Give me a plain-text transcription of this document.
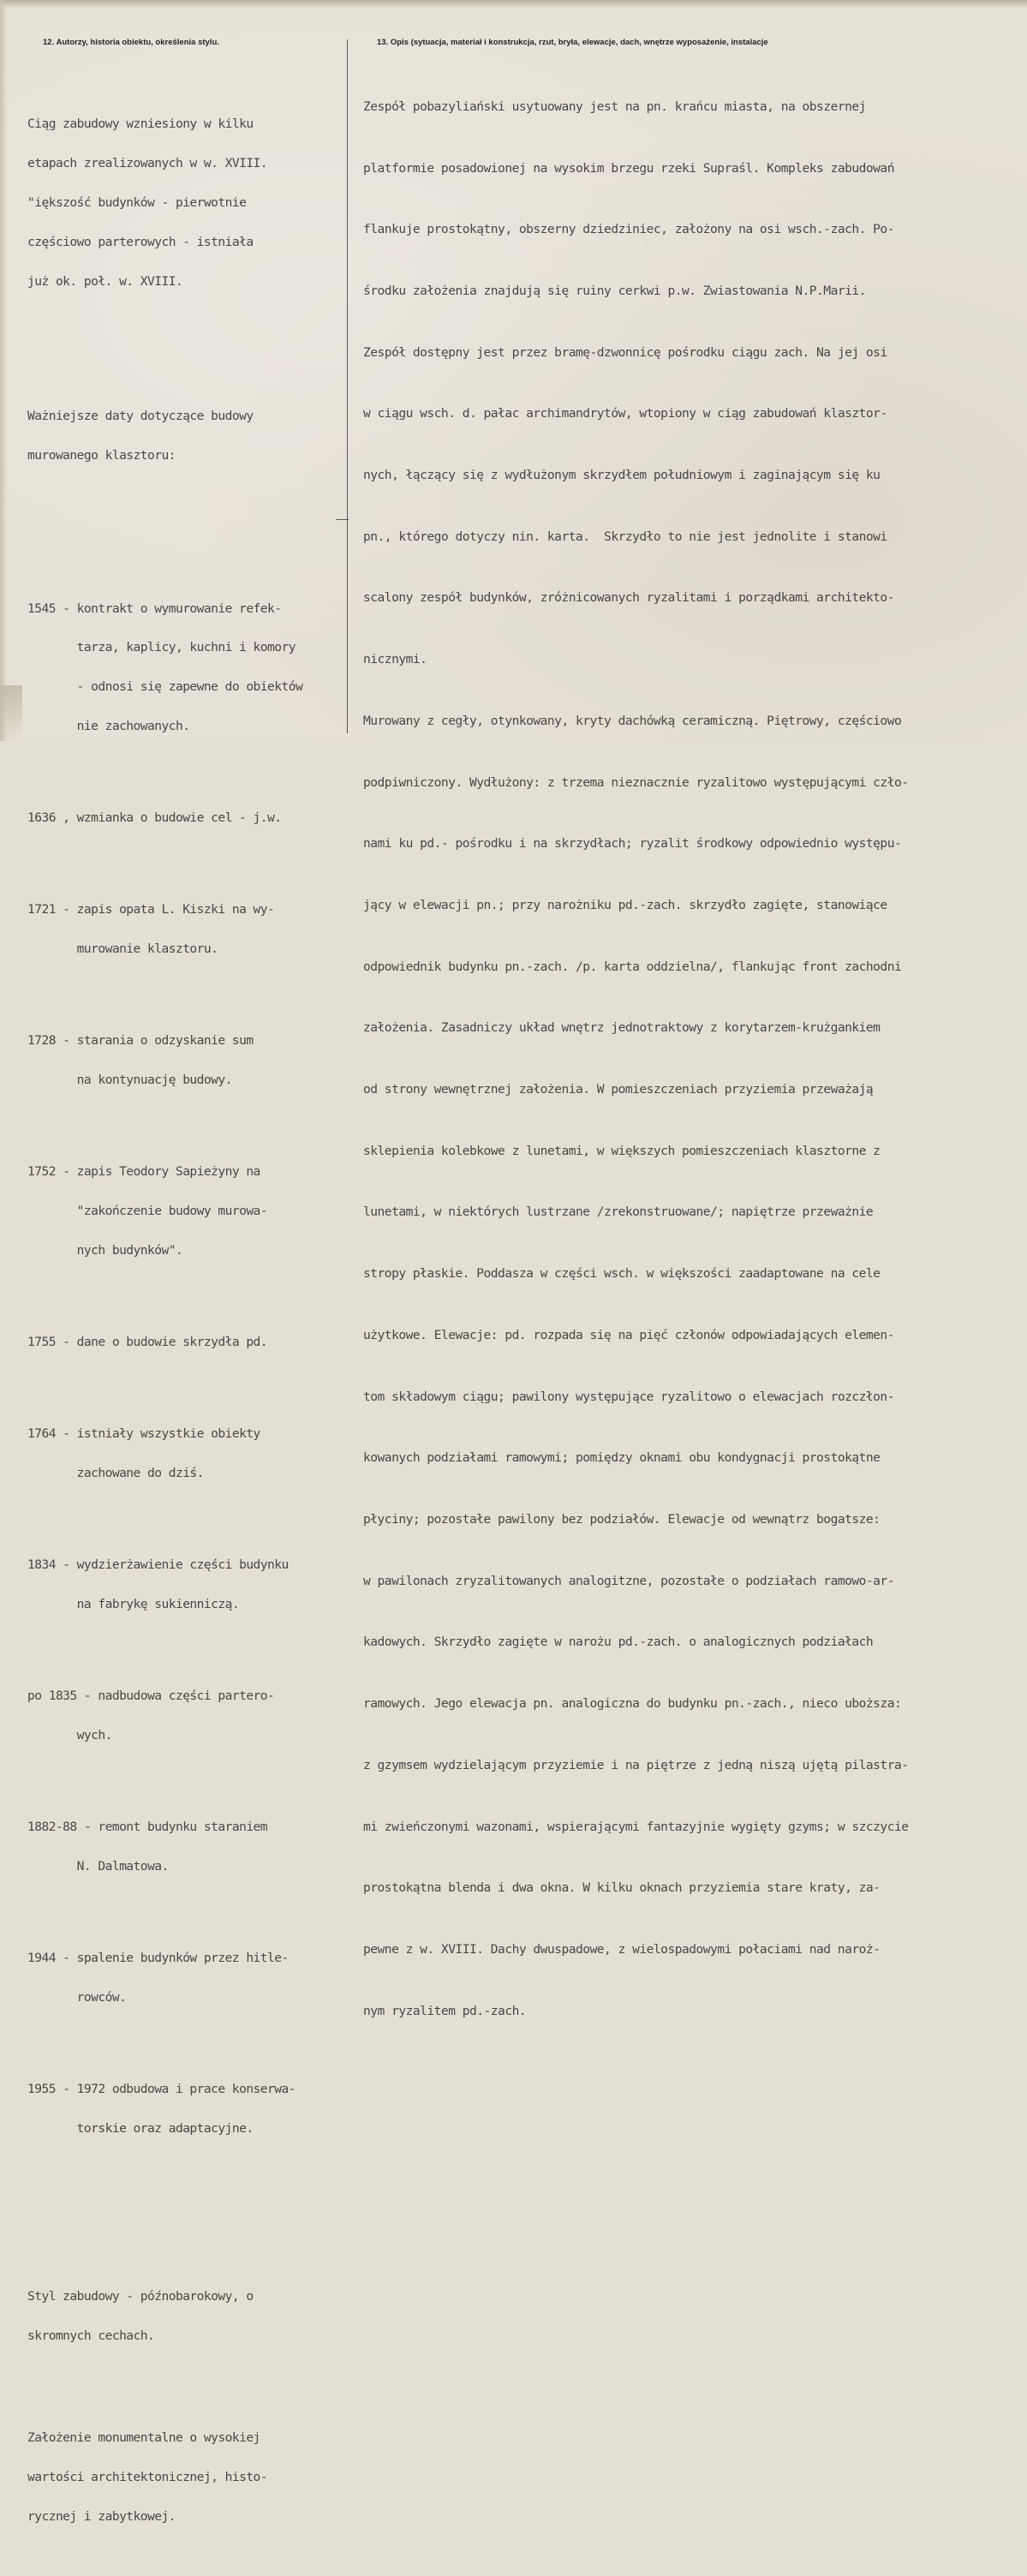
12. Autorzy, historia obiektu, określenia stylu.	13. Opis (sytuacja, materiał i konstrukcja, rzut, bryła, elewacje, dach, wnętrze wyposażenie, instalacje

Ciąg zabudowy wzniesiony w kilku

etapach zrealizowanych w w. XVIII.

"iększość budynków - pierwotnie

częściowo parterowych - istniała

już ok. poł. w. XVIII.

Ważniejsze daty dotyczące budowy

murowanego klasztoru:

1545 - kontrakt o wymurowanie refek-

tarza, kaplicy, kuchni i komory

- odnosi się zapewne do obiektów

nie zachowanych.

1636 , wzmianka o budowie cel - j.w.

1721 - zapis opata L. Kiszki na wy-

murowanie klasztoru.

1728 - starania o odzyskanie sum

na kontynuację budowy.

1752 - zapis Teodory Sapieżyny na

"zakończenie budowy murowa-

nych budynków".

1755 - dane o budowie skrzydła pd.

1764 - istniały wszystkie obiekty

zachowane do dziś.

1834 - wydzierżawienie części budynku

na fabrykę sukienniczą.

po 1835 - nadbudowa części partero-

wych.

1882-88 - remont budynku staraniem

N. Dalmatowa.

1944 - spalenie budynków przez hitle-

rowców.

1955 - 1972 odbudowa i prace konserwa-

torskie oraz adaptacyjne.

Styl zabudowy - późnobarokowy, o

skromnych cechach.

Założenie monumentalne o wysokiej

wartości architektonicznej, histo-

rycznej i zabytkowej.

Zespół pobazyliański usytuowany jest na pn. krańcu miasta, na obszernej

platformie posadowionej na wysokim brzegu rzeki Supraśl. Kompleks zabudowań

flankuje prostokątny, obszerny dziedziniec, założony na osi wsch.-zach. Po-

środku założenia znajdują się ruiny cerkwi p.w. Zwiastowania N.P.Marii.

Zespół dostępny jest przez bramę-dzwonnicę pośrodku ciągu zach. Na jej osi

w ciągu wsch. d. pałac archimandrytów, wtopiony w ciąg zabudowań klasztor-

nych, łączący się z wydłużonym skrzydłem południowym i zaginającym się ku

pn., którego dotyczy nin. karta.  Skrzydło to nie jest jednolite i stanowi

scalony zespół budynków, zróżnicowanych ryzalitami i porządkami architekto-

nicznymi.

Murowany z cegły, otynkowany, kryty dachówką ceramiczną. Piętrowy, częściowo

podpiwniczony. Wydłużony: z trzema nieznacznie ryzalitowo występującymi czło-

nami ku pd.- pośrodku i na skrzydłach; ryzalit środkowy odpowiednio występu-

jący w elewacji pn.; przy narożniku pd.-zach. skrzydło zagięte, stanowiące

odpowiednik budynku pn.-zach. /p. karta oddzielna/, flankując front zachodni

założenia. Zasadniczy układ wnętrz jednotraktowy z korytarzem-krużgankiem

od strony wewnętrznej założenia. W pomieszczeniach przyziemia przeważają

sklepienia kolebkowe z lunetami, w większych pomieszczeniach klasztorne z

lunetami, w niektórych lustrzane /zrekonstruowane/; napiętrze przeważnie

stropy płaskie. Poddasza w części wsch. w większości zaadaptowane na cele

użytkowe. Elewacje: pd. rozpada się na pięć członów odpowiadających elemen-

tom składowym ciągu; pawilony występujące ryzalitowo o elewacjach rozczłon-

kowanych podziałami ramowymi; pomiędzy oknami obu kondygnacji prostokątne

płyciny; pozostałe pawilony bez podziałów. Elewacje od wewnątrz bogatsze:

w pawilonach zryzalitowanych analogitzne, pozostałe o podziałach ramowo-ar-

kadowych. Skrzydło zagięte w narożu pd.-zach. o analogicznych podziałach

ramowych. Jego elewacja pn. analogiczna do budynku pn.-zach., nieco uboższa:

z gzymsem wydzielającym przyziemie i na piętrze z jedną niszą ujętą pilastra-

mi zwieńczonymi wazonami, wspierającymi fantazyjnie wygięty gzyms; w szczycie

prostokątna blenda i dwa okna. W kilku oknach przyziemia stare kraty, za-

pewne z w. XVIII. Dachy dwuspadowe, z wielospadowymi połaciami nad naroż-

nym ryzalitem pd.-zach.
